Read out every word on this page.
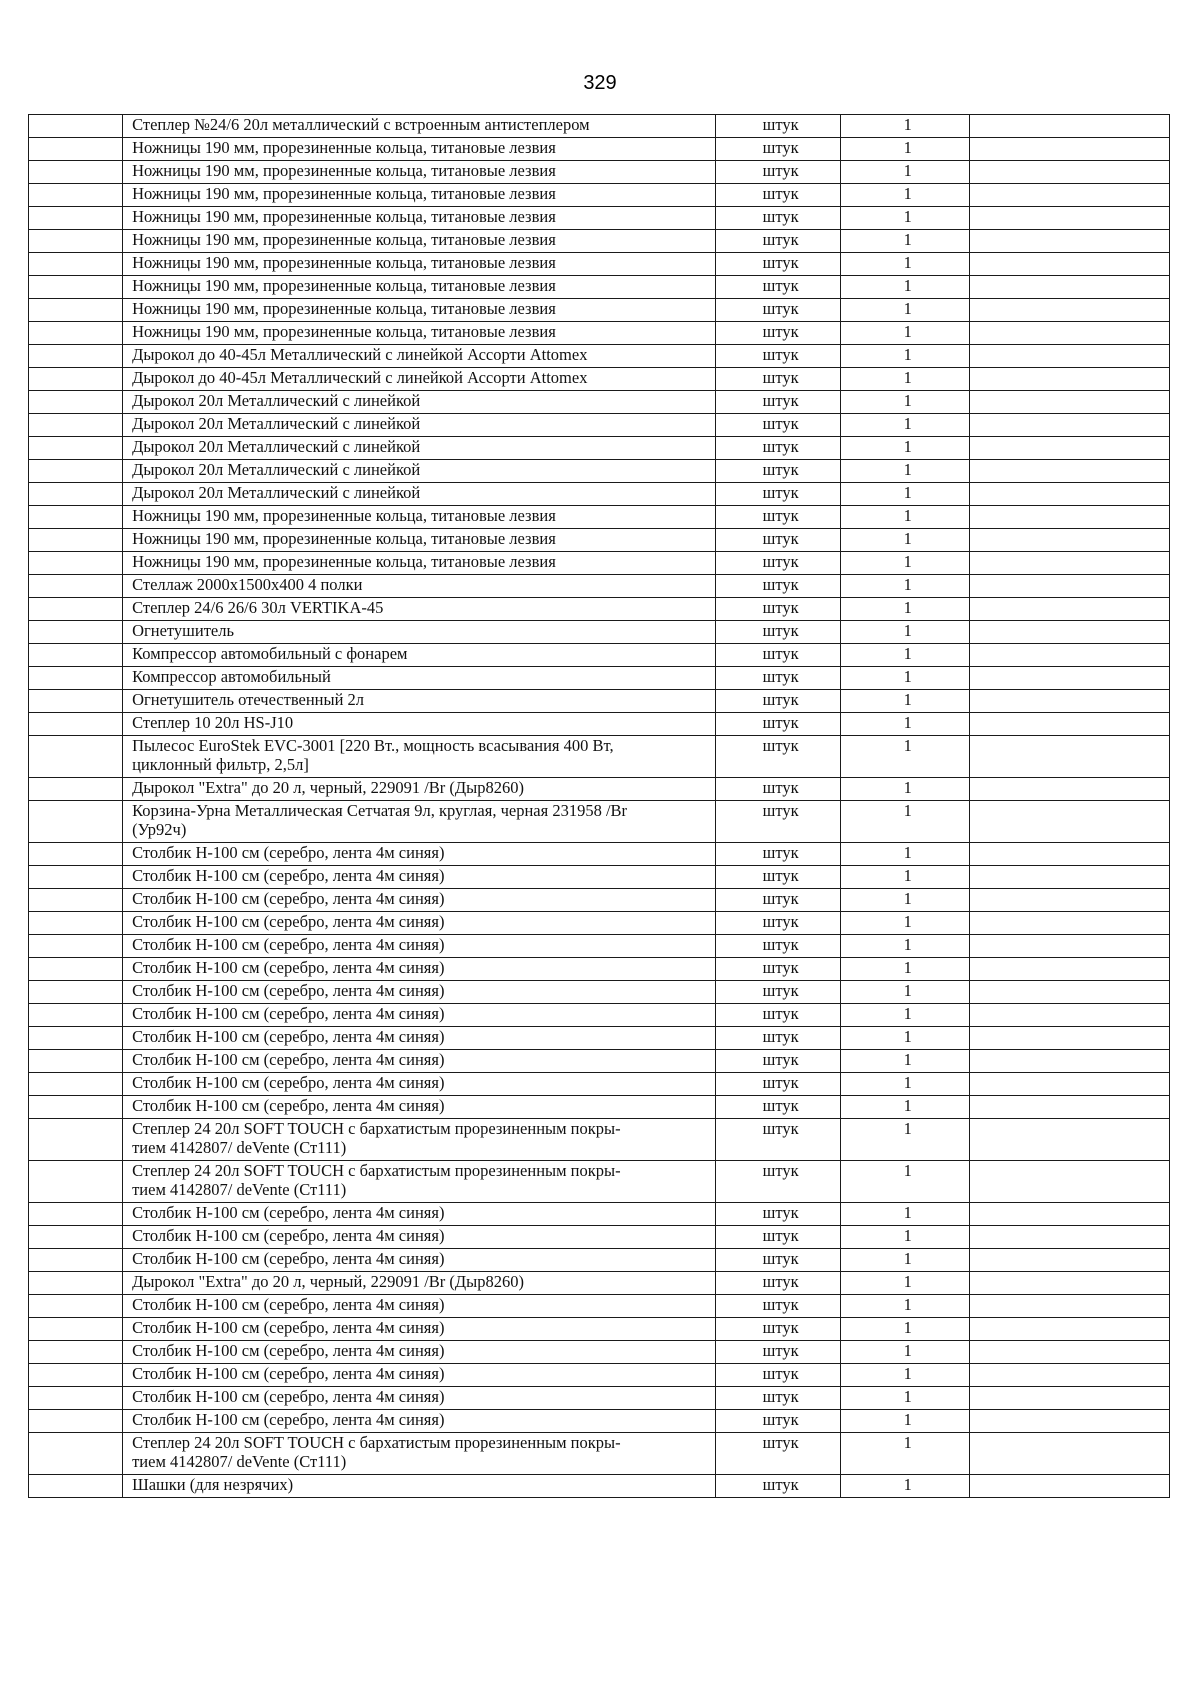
329
	Степлер №24/6 20л металлический с встроенным антистеплером	штук	1	
	Ножницы 190 мм, прорезиненные кольца, титановые лезвия	штук	1	
	Ножницы 190 мм, прорезиненные кольца, титановые лезвия	штук	1	
	Ножницы 190 мм, прорезиненные кольца, титановые лезвия	штук	1	
	Ножницы 190 мм, прорезиненные кольца, титановые лезвия	штук	1	
	Ножницы 190 мм, прорезиненные кольца, титановые лезвия	штук	1	
	Ножницы 190 мм, прорезиненные кольца, титановые лезвия	штук	1	
	Ножницы 190 мм, прорезиненные кольца, титановые лезвия	штук	1	
	Ножницы 190 мм, прорезиненные кольца, титановые лезвия	штук	1	
	Ножницы 190 мм, прорезиненные кольца, титановые лезвия	штук	1	
	Дырокол до 40-45л Металлический с линейкой Ассорти Attomex	штук	1	
	Дырокол до 40-45л Металлический с линейкой Ассорти Attomex	штук	1	
	Дырокол 20л Металлический с линейкой	штук	1	
	Дырокол 20л Металлический с линейкой	штук	1	
	Дырокол 20л Металлический с линейкой	штук	1	
	Дырокол 20л Металлический с линейкой	штук	1	
	Дырокол 20л Металлический с линейкой	штук	1	
	Ножницы 190 мм, прорезиненные кольца, титановые лезвия	штук	1	
	Ножницы 190 мм, прорезиненные кольца, титановые лезвия	штук	1	
	Ножницы 190 мм, прорезиненные кольца, титановые лезвия	штук	1	
	Стеллаж 2000х1500х400 4 полки	штук	1	
	Степлер 24/6 26/6 30л VERTIKA-45	штук	1	
	Огнетушитель	штук	1	
	Компрессор автомобильный с фонарем	штук	1	
	Компрессор автомобильный	штук	1	
	Огнетушитель отечественный 2л	штук	1	
	Степлер 10 20л HS-J10	штук	1	

	Пылесос EuroStek EVC-3001 [220 Вт., мощность всасывания 400 Вт,
циклонный фильтр, 2,5л]	штук	1	
	Дырокол "Extra" до 20 л, черный, 229091 /Br (Дыр8260)	штук	1	

	Корзина-Урна Металлическая Сетчатая 9л, круглая, черная 231958 /Br
(Ур92ч)	штук	1	
	Столбик Н-100 см (серебро, лента 4м синяя)	штук	1	
	Столбик Н-100 см (серебро, лента 4м синяя)	штук	1	
	Столбик Н-100 см (серебро, лента 4м синяя)	штук	1	
	Столбик Н-100 см (серебро, лента 4м синяя)	штук	1	
	Столбик Н-100 см (серебро, лента 4м синяя)	штук	1	
	Столбик Н-100 см (серебро, лента 4м синяя)	штук	1	
	Столбик Н-100 см (серебро, лента 4м синяя)	штук	1	
	Столбик Н-100 см (серебро, лента 4м синяя)	штук	1	
	Столбик Н-100 см (серебро, лента 4м синяя)	штук	1	
	Столбик Н-100 см (серебро, лента 4м синяя)	штук	1	
	Столбик Н-100 см (серебро, лента 4м синяя)	штук	1	
	Столбик Н-100 см (серебро, лента 4м синяя)	штук	1	

	Степлер 24 20л SOFT TOUCH с бархатистым прорезиненным покры-
тием 4142807/ deVente (Ст111)	штук	1	

	Степлер 24 20л SOFT TOUCH с бархатистым прорезиненным покры-
тием 4142807/ deVente (Ст111)	штук	1	
	Столбик Н-100 см (серебро, лента 4м синяя)	штук	1	
	Столбик Н-100 см (серебро, лента 4м синяя)	штук	1	
	Столбик Н-100 см (серебро, лента 4м синяя)	штук	1	
	Дырокол "Extra" до 20 л, черный, 229091 /Br (Дыр8260)	штук	1	
	Столбик Н-100 см (серебро, лента 4м синяя)	штук	1	
	Столбик Н-100 см (серебро, лента 4м синяя)	штук	1	
	Столбик Н-100 см (серебро, лента 4м синяя)	штук	1	
	Столбик Н-100 см (серебро, лента 4м синяя)	штук	1	
	Столбик Н-100 см (серебро, лента 4м синяя)	штук	1	
	Столбик Н-100 см (серебро, лента 4м синяя)	штук	1	

	Степлер 24 20л SOFT TOUCH с бархатистым прорезиненным покры-
тием 4142807/ deVente (Ст111)	штук	1	
	Шашки (для незрячих)	штук	1	
